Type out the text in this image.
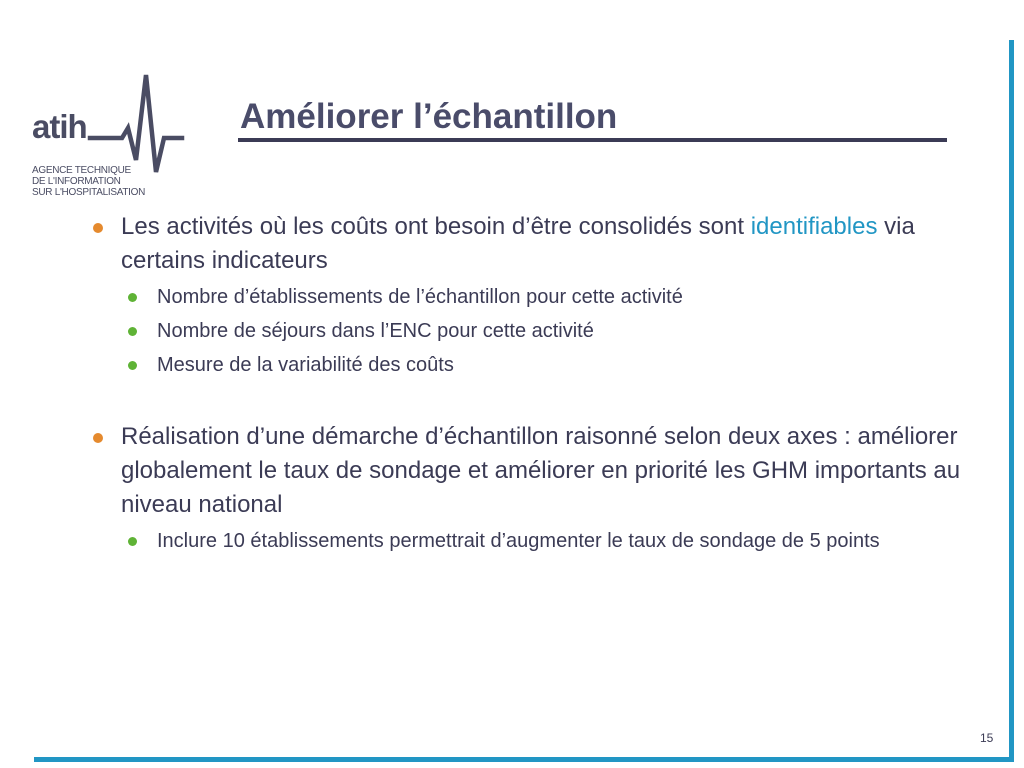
atih
AGENCE TECHNIQUE
DE L'INFORMATION
SUR L'HOSPITALISATION
Améliorer l’échantillon
Les activités où les coûts ont besoin d’être consolidés sont identifiables via certains indicateurs
Nombre d’établissements de l’échantillon pour cette activité
Nombre de séjours dans l’ENC pour cette activité
Mesure de la variabilité des coûts
Réalisation d’une démarche d’échantillon raisonné selon deux axes : améliorer globalement le taux de sondage et améliorer en priorité les GHM importants au niveau national
Inclure 10 établissements permettrait d’augmenter le taux de sondage de 5 points
15
